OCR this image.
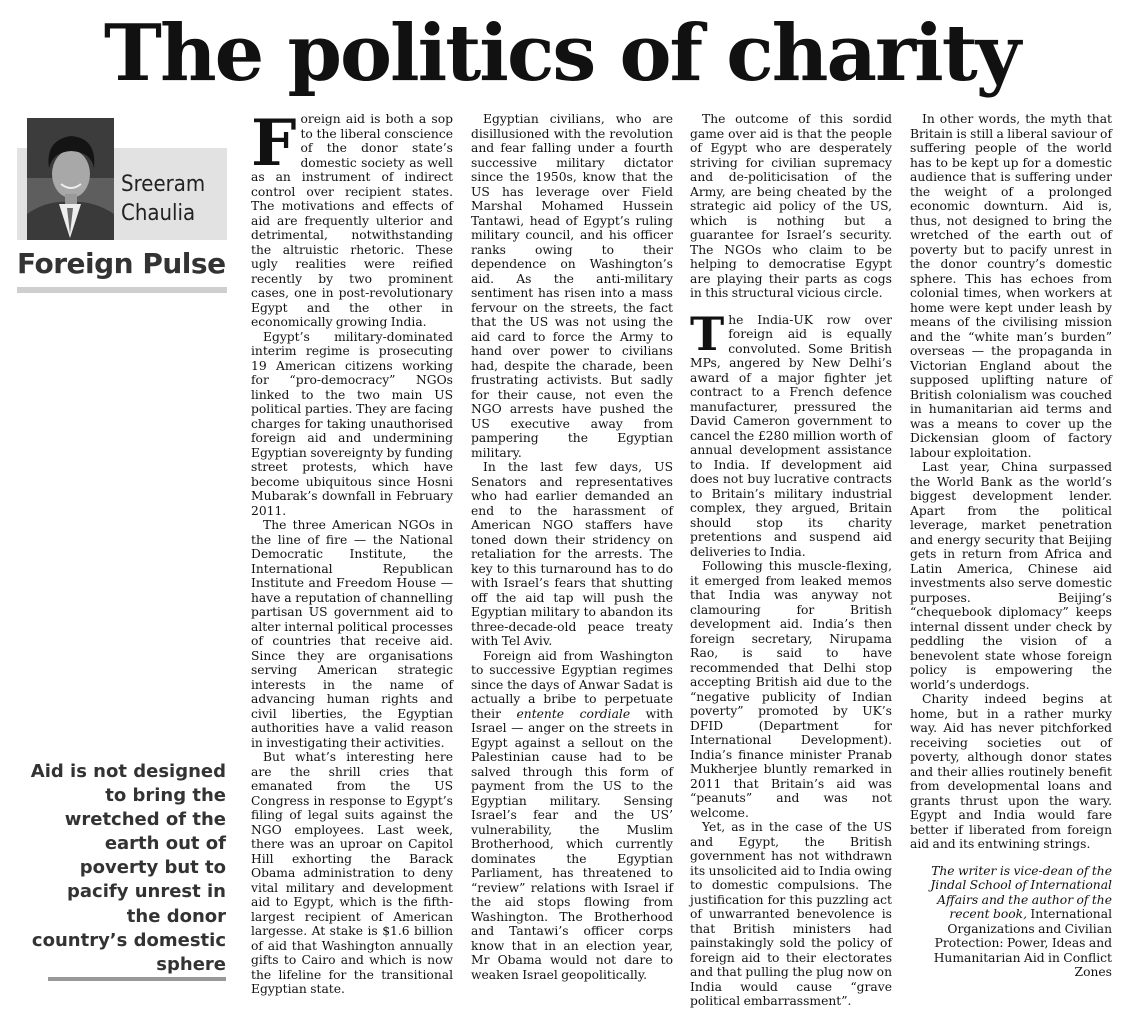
The politics of charity
Sreeram
Chaulia
Foreign Pulse
Aid is not designed to bring the wretched of the earth out of poverty but to pacify unrest in the donor country’s domestic sphere

Foreign aid is both a sop to the liberal conscience of the donor state’s domestic society as well as an instrument of indirect control over recipient states. The motivations and effects of aid are frequently ulterior and detrimental, notwithstanding the altruistic rhetoric. These ugly realities were reified recently by two prominent cases, one in post-revolutionary Egypt and the other in economically growing India.

Egypt’s military-dominated interim regime is prosecuting 19 American citizens working for “pro-democracy” NGOs linked to the two main US political parties. They are facing charges for taking unauthorised foreign aid and undermining Egyptian sovereignty by funding street protests, which have become ubiquitous since Hosni Mubarak’s downfall in February 2011.

The three American NGOs in the line of fire — the National Democratic Institute, the International Republican Institute and Freedom House — have a reputation of channelling partisan US government aid to alter internal political processes of countries that receive aid. Since they are organisations serving American strategic interests in the name of advancing human rights and civil liberties, the Egyptian authorities have a valid reason in investigating their activities.

But what’s interesting here are the shrill cries that emanated from the US Congress in response to Egypt’s filing of legal suits against the NGO employees. Last week, there was an uproar on Capitol Hill exhorting the Barack Obama administration to deny vital military and development aid to Egypt, which is the fifth-largest recipient of American largesse. At stake is $1.6 billion of aid that Washington annually gifts to Cairo and which is now the lifeline for the transitional Egyptian state.

Egyptian civilians, who are disillusioned with the revolution and fear falling under a fourth successive military dictator since the 1950s, know that the US has leverage over Field Marshal Mohamed Hussein Tantawi, head of Egypt’s ruling military council, and his officer ranks owing to their dependence on Washington’s aid. As the anti-military sentiment has risen into a mass fervour on the streets, the fact that the US was not using the aid card to force the Army to hand over power to civilians had, despite the charade, been frustrating activists. But sadly for their cause, not even the NGO arrests have pushed the US executive away from pampering the Egyptian military.

In the last few days, US Senators and representatives who had earlier demanded an end to the harassment of American NGO staffers have toned down their stridency on retaliation for the arrests. The key to this turnaround has to do with Israel’s fears that shutting off the aid tap will push the Egyptian military to abandon its three-decade-old peace treaty with Tel Aviv.

Foreign aid from Washington to successive Egyptian regimes since the days of Anwar Sadat is actually a bribe to perpetuate their entente cordiale with Israel — anger on the streets in Egypt against a sellout on the Palestinian cause had to be salved through this form of payment from the US to the Egyptian military. Sensing Israel’s fear and the US’ vulnerability, the Muslim Brotherhood, which currently dominates the Egyptian Parliament, has threatened to “review” relations with Israel if the aid stops flowing from Washington. The Brotherhood and Tantawi’s officer corps know that in an election year, Mr Obama would not dare to weaken Israel geopolitically.

The outcome of this sordid game over aid is that the people of Egypt who are desperately striving for civilian supremacy and de-politicisation of the Army, are being cheated by the strategic aid policy of the US, which is nothing but a guarantee for Israel’s security. The NGOs who claim to be helping to democratise Egypt are playing their parts as cogs in this structural vicious circle.

The India-UK row over foreign aid is equally convoluted. Some British MPs, angered by New Delhi’s award of a major fighter jet contract to a French defence manufacturer, pressured the David Cameron government to cancel the £280 million worth of annual development assistance to India. If development aid does not buy lucrative contracts to Britain’s military industrial complex, they argued, Britain should stop its charity pretentions and suspend aid deliveries to India.

Following this muscle-flexing, it emerged from leaked memos that India was anyway not clamouring for British development aid. India’s then foreign secretary, Nirupama Rao, is said to have recommended that Delhi stop accepting British aid due to the “negative publicity of Indian poverty” promoted by UK’s DFID (Department for International Development). India’s finance minister Pranab Mukherjee bluntly remarked in 2011 that Britain’s aid was “peanuts” and was not welcome.

Yet, as in the case of the US and Egypt, the British government has not withdrawn its unsolicited aid to India owing to domestic compulsions. The justification for this puzzling act of unwarranted benevolence is that British ministers had painstakingly sold the policy of foreign aid to their electorates and that pulling the plug now on India would cause “grave political embarrassment”.

In other words, the myth that Britain is still a liberal saviour of suffering people of the world has to be kept up for a domestic audience that is suffering under the weight of a prolonged economic downturn. Aid is, thus, not designed to bring the wretched of the earth out of poverty but to pacify unrest in the donor country’s domestic sphere. This has echoes from colonial times, when workers at home were kept under leash by means of the civilising mission and the “white man’s burden” overseas — the propaganda in Victorian England about the supposed uplifting nature of British colonialism was couched in humanitarian aid terms and was a means to cover up the Dickensian gloom of factory labour exploitation.

Last year, China surpassed the World Bank as the world’s biggest development lender. Apart from the political leverage, market penetration and energy security that Beijing gets in return from Africa and Latin America, Chinese aid investments also serve domestic purposes. Beijing’s “chequebook diplomacy” keeps internal dissent under check by peddling the vision of a benevolent state whose foreign policy is empowering the world’s underdogs.

Charity indeed begins at home, but in a rather murky way. Aid has never pitchforked receiving societies out of poverty, although donor states and their allies routinely benefit from developmental loans and grants thrust upon the wary. Egypt and India would fare better if liberated from foreign aid and its entwining strings.

The writer is vice-dean of the Jindal School of International Affairs and the author of the recent book, International Organizations and Civilian Protection: Power, Ideas and Humanitarian Aid in Conflict Zones
